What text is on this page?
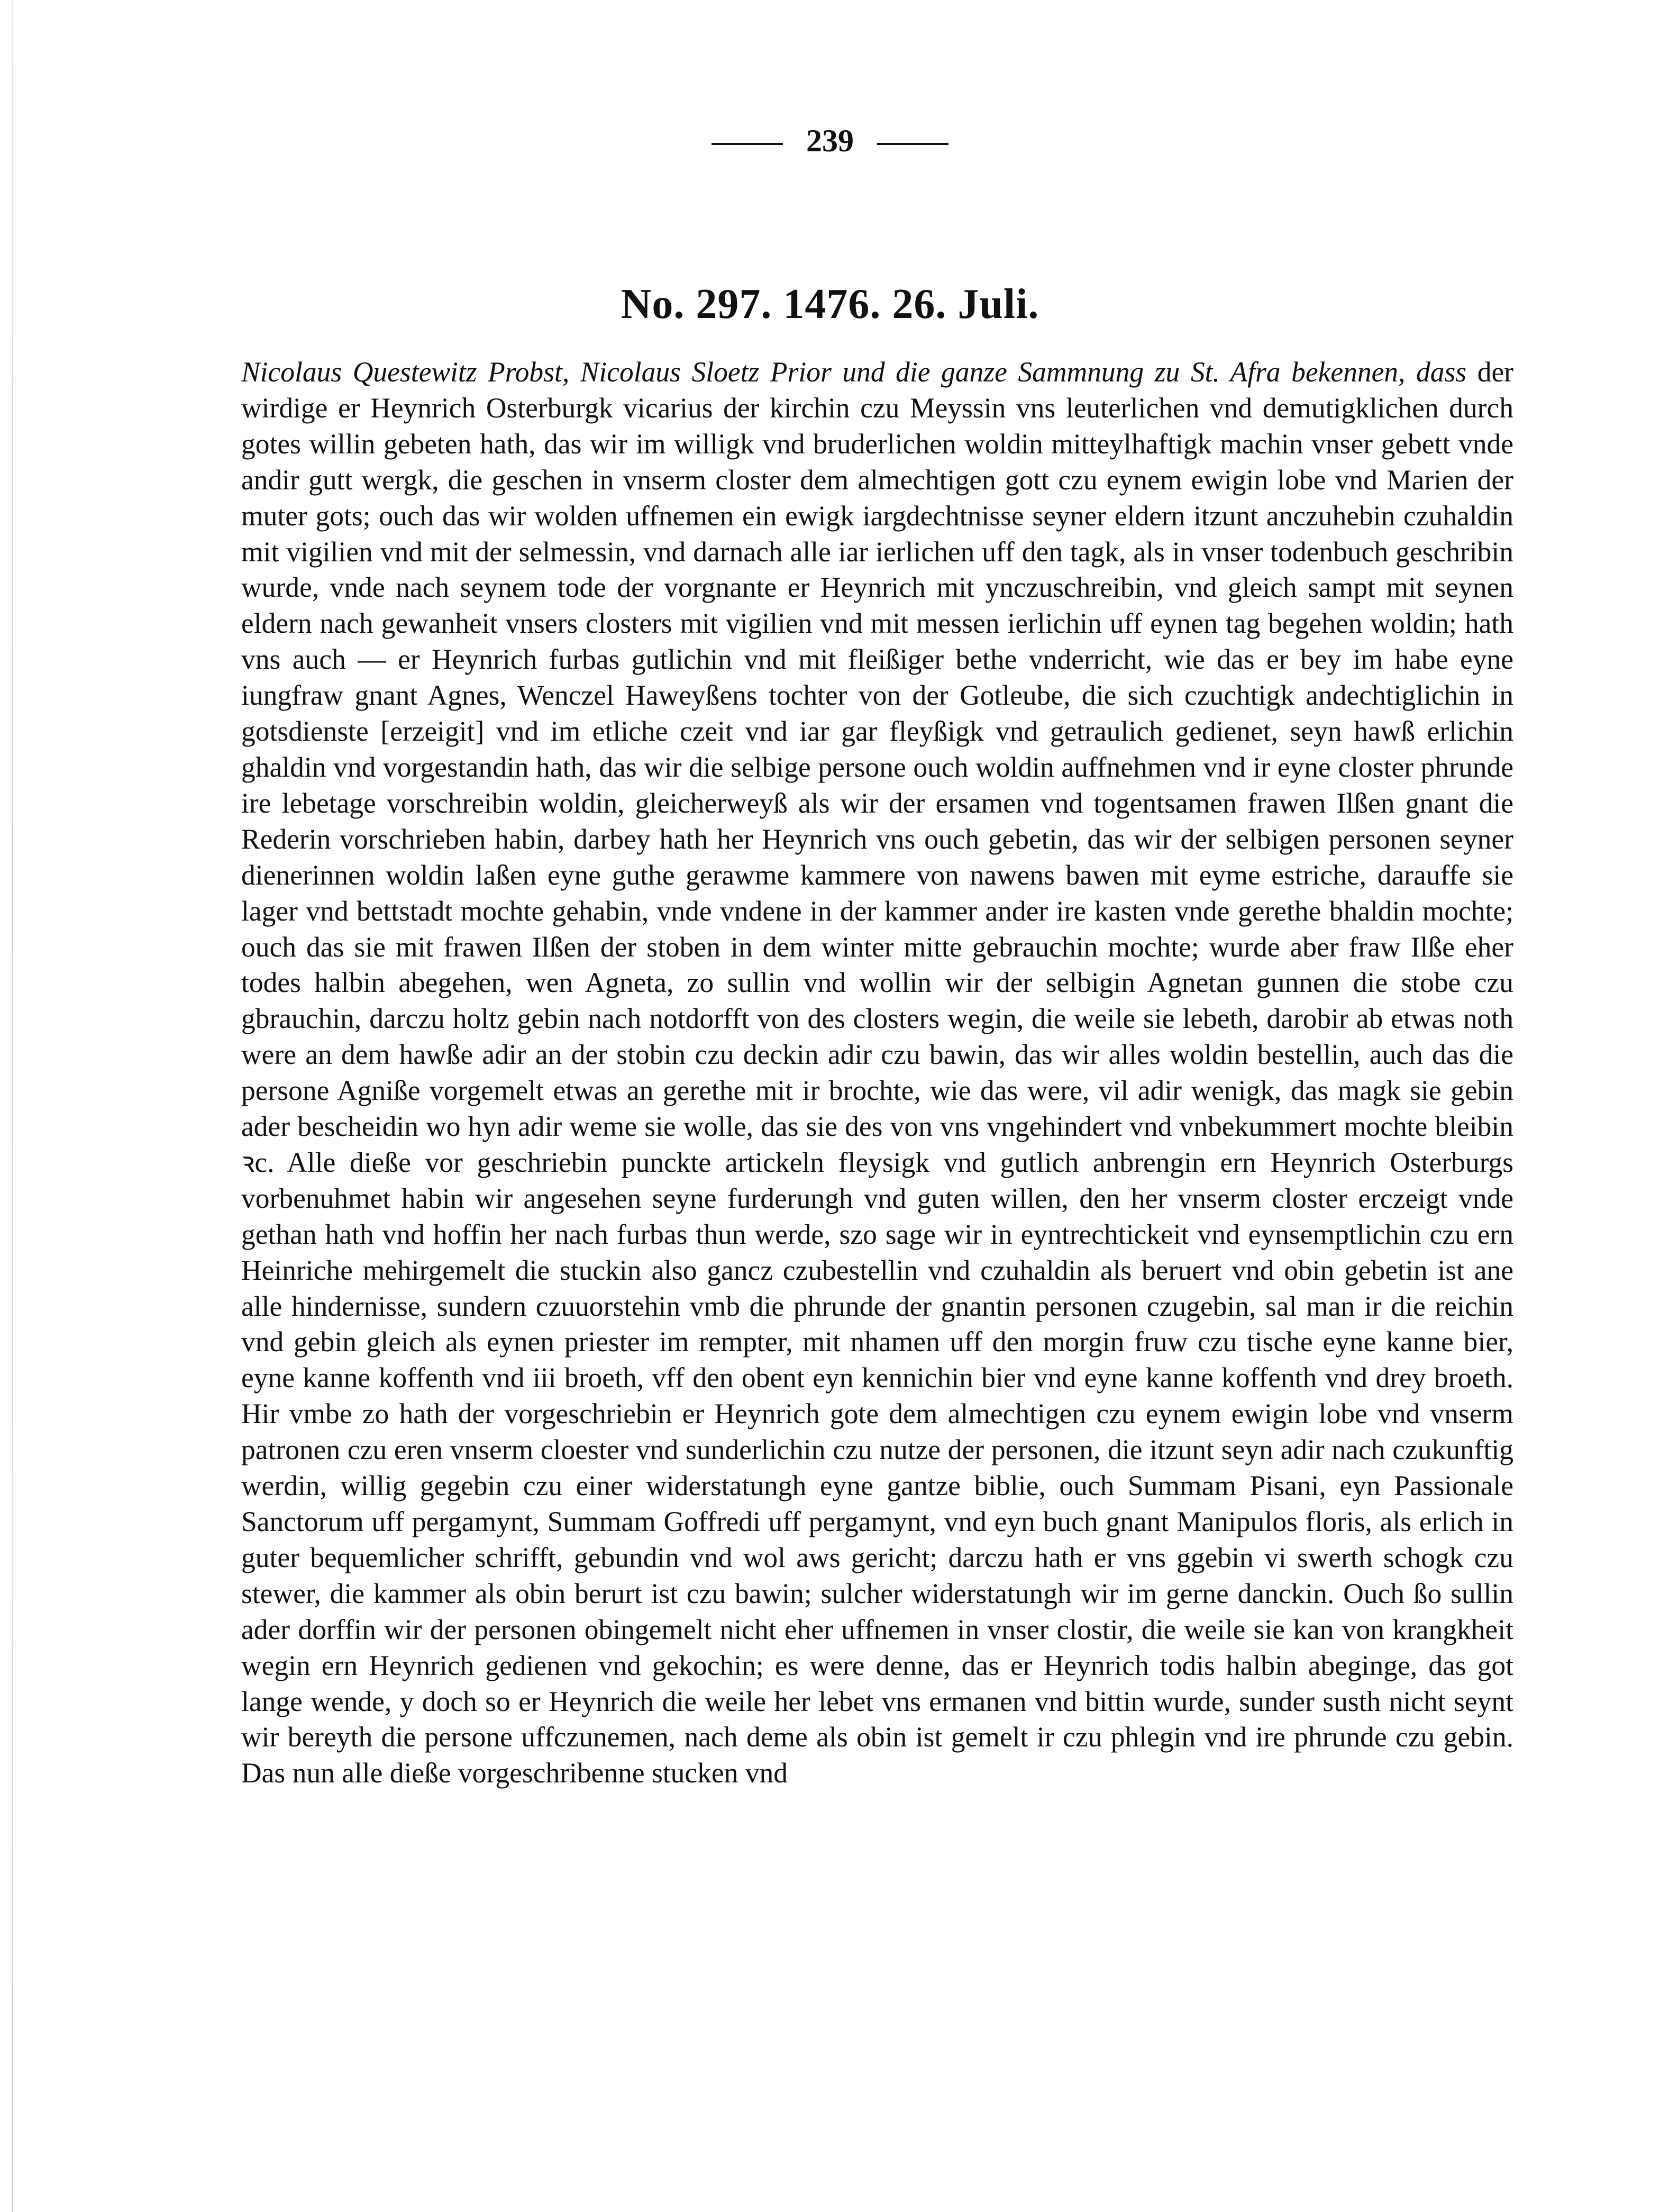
239
No. 297. 1476. 26. Juli.

Nicolaus Questewitz Probst, Nicolaus Sloetz Prior und die ganze Sammnung zu St. Afra bekennen, dass der wirdige er Heynrich Osterburgk vicarius der kirchin czu Meyssin vns leuterlichen vnd demutigklichen durch gotes willin gebeten hath, das wir im willigk vnd bruderlichen woldin mitteylhaftigk machin vnser gebett vnde andir gutt wergk, die geschen in vnserm closter dem almechtigen gott czu eynem ewigin lobe vnd Marien der muter gots; ouch das wir wolden uffnemen ein ewigk iargdechtnisse seyner eldern itzunt anczuhebin czuhaldin mit vigilien vnd mit der selmessin, vnd darnach alle iar ierlichen uff den tagk, als in vnser todenbuch geschribin wurde, vnde nach seynem tode der vorgnante er Heynrich mit ynczuschreibin, vnd gleich sampt mit seynen eldern nach gewanheit vnsers closters mit vigilien vnd mit messen ierlichin uff eynen tag begehen woldin; hath vns auch — er Heynrich furbas gutlichin vnd mit fleißiger bethe vnderricht, wie das er bey im habe eyne iungfraw gnant Agnes, Wenczel Haweyßens tochter von der Gotleube, die sich czuchtigk andechtiglichin in gotsdienste [erzeigit] vnd im etliche czeit vnd iar gar fleyßigk vnd getraulich gedienet, seyn hawß erlichin ghaldin vnd vorgestandin hath, das wir die selbige persone ouch woldin auffnehmen vnd ir eyne closter phrunde ire lebetage vorschreibin woldin, gleicherweyß als wir der ersamen vnd togentsamen frawen Ilßen gnant die Rederin vorschrieben habin, darbey hath her Heynrich vns ouch gebetin, das wir der selbigen personen seyner dienerinnen woldin laßen eyne guthe gerawme kammere von nawens bawen mit eyme estriche, darauffe sie lager vnd bettstadt mochte gehabin, vnde vndene in der kammer ander ire kasten vnde gerethe bhaldin mochte; ouch das sie mit frawen Ilßen der stoben in dem winter mitte gebrauchin mochte; wurde aber fraw Ilße eher todes halbin abegehen, wen Agneta, zo sullin vnd wollin wir der selbigin Agnetan gunnen die stobe czu gbrauchin, darczu holtz gebin nach notdorfft von des closters wegin, die weile sie lebeth, darobir ab etwas noth were an dem hawße adir an der stobin czu deckin adir czu bawin, das wir alles woldin bestellin, auch das die persone Agniße vorgemelt etwas an gerethe mit ir brochte, wie das were, vil adir wenigk, das magk sie gebin ader bescheidin wo hyn adir weme sie wolle, das sie des von vns vngehindert vnd vnbekummert mochte bleibin ꝛc. Alle dieße vor geschriebin punckte artickeln fleysigk vnd gutlich anbrengin ern Heynrich Osterburgs vorbenuhmet habin wir angesehen seyne furderungh vnd guten willen, den her vnserm closter erczeigt vnde gethan hath vnd hoffin her nach furbas thun werde, szo sage wir in eyntrechtickeit vnd eynsemptlichin czu ern Heinriche mehirgemelt die stuckin also gancz czubestellin vnd czuhaldin als beruert vnd obin gebetin ist ane alle hindernisse, sundern czuuorstehin vmb die phrunde der gnantin personen czugebin, sal man ir die reichin vnd gebin gleich als eynen priester im rempter, mit nhamen uff den morgin fruw czu tische eyne kanne bier, eyne kanne koffenth vnd iii broeth, vff den obent eyn kennichin bier vnd eyne kanne koffenth vnd drey broeth. Hir vmbe zo hath der vorgeschriebin er Heynrich gote dem almechtigen czu eynem ewigin lobe vnd vnserm patronen czu eren vnserm cloester vnd sunderlichin czu nutze der personen, die itzunt seyn adir nach czukunftig werdin, willig gegebin czu einer widerstatungh eyne gantze biblie, ouch Summam Pisani, eyn Passionale Sanctorum uff pergamynt, Summam Goffredi uff pergamynt, vnd eyn buch gnant Manipulos floris, als erlich in guter bequemlicher schrifft, gebundin vnd wol aws gericht; darczu hath er vns ggebin vi swerth schogk czu stewer, die kammer als obin berurt ist czu bawin; sulcher widerstatungh wir im gerne danckin. Ouch ßo sullin ader dorffin wir der personen obingemelt nicht eher uffnemen in vnser clostir, die weile sie kan von krangkheit wegin ern Heynrich gedienen vnd gekochin; es were denne, das er Heynrich todis halbin abeginge, das got lange wende, y doch so er Heynrich die weile her lebet vns ermanen vnd bittin wurde, sunder susth nicht seynt wir bereyth die persone uffczunemen, nach deme als obin ist gemelt ir czu phlegin vnd ire phrunde czu gebin. Das nun alle dieße vorgeschribenne stucken vnd
